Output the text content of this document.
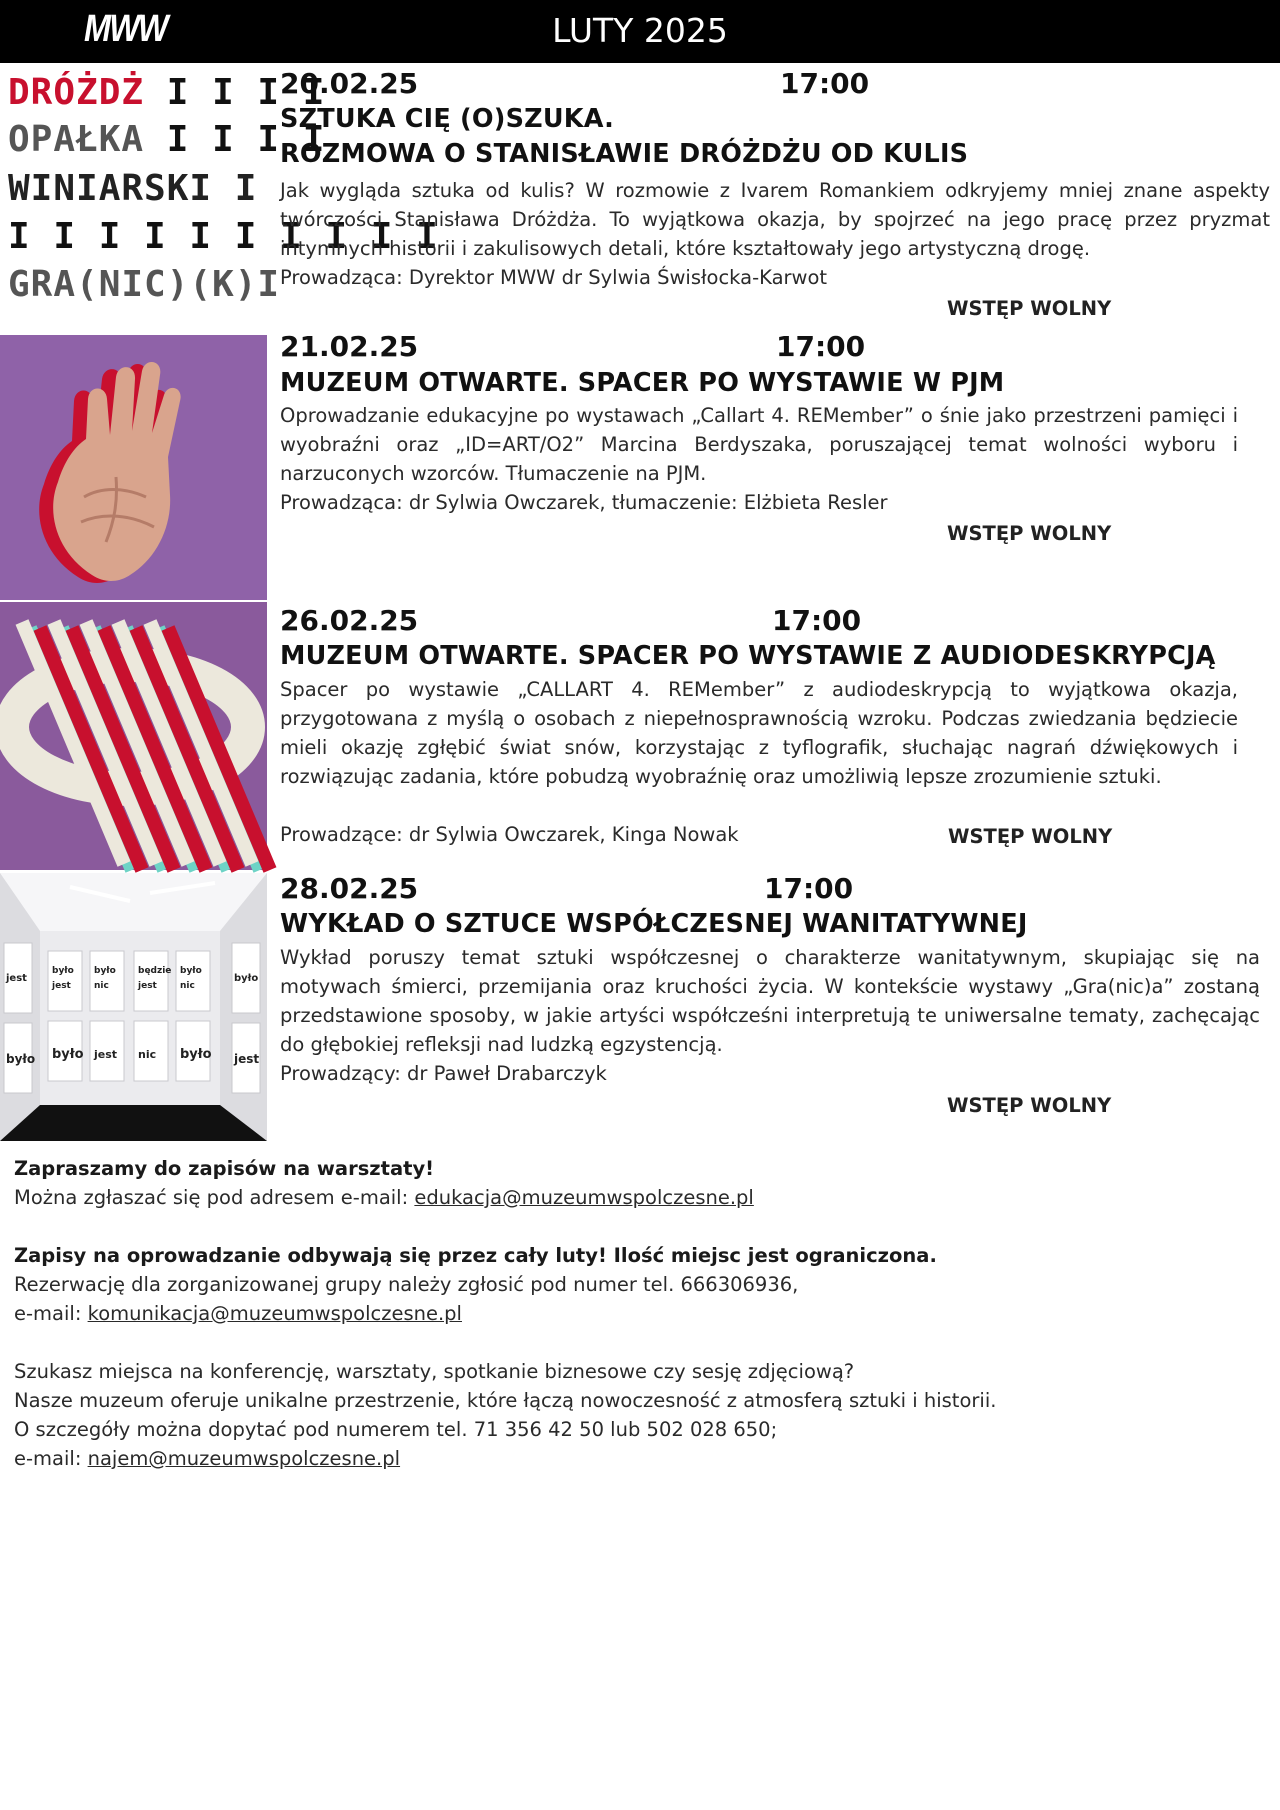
MWW	LUTY 2025
DRÓŻDŻ I I I I
OPAŁKA I I I I
WINIARSKI I
I I I I I I I I I I
GRA(NIC)(K)I
20.02.25	17:00
SZTUKA CIĘ (O)SZUKA.
ROZMOWA O STANISŁAWIE DRÓŻDŻU OD KULIS
Jak wygląda sztuka od kulis? W rozmowie z Ivarem Romankiem odkryjemy mniej znane aspekty twórczości Stanisława Dróżdża. To wyjątkowa okazja, by spojrzeć na jego pracę przez pryzmat intymnych historii i zakulisowych detali, które kształtowały jego artystyczną drogę.
Prowadząca: Dyrektor MWW dr Sylwia Świsłocka-Karwot
WSTĘP WOLNY
21.02.25	17:00
MUZEUM OTWARTE. SPACER PO WYSTAWIE W PJM
Oprowadzanie edukacyjne po wystawach „Callart 4. REMember” o śnie jako przestrzeni pamięci i wyobraźni oraz „ID=ART/O2” Marcina Berdyszaka, poruszającej temat wolności wyboru i narzuconych wzorców. Tłumaczenie na PJM.
Prowadząca: dr Sylwia Owczarek, tłumaczenie: Elżbieta Resler
WSTĘP WOLNY
26.02.25	17:00
MUZEUM OTWARTE. SPACER PO WYSTAWIE Z AUDIODESKRYPCJĄ
Spacer po wystawie „CALLART 4. REMember” z audiodeskrypcją to wyjątkowa okazja, przygotowana z myślą o osobach z niepełnosprawnością wzroku. Podczas zwiedzania będziecie mieli okazję zgłębić świat snów, korzystając z tyflografik, słuchając nagrań dźwiękowych i rozwiązując zadania, które pobudzą wyobraźnię oraz umożliwią lepsze zrozumienie sztuki.
Prowadzące: dr Sylwia Owczarek, Kinga Nowak	WSTĘP WOLNY
było
jest
było
nic
będzie
jest
było
nic
było jest nic było
jest
było
było
jest
28.02.25	17:00
WYKŁAD O SZTUCE WSPÓŁCZESNEJ WANITATYWNEJ
Wykład poruszy temat sztuki współczesnej o charakterze wanitatywnym, skupiając się na motywach śmierci, przemijania oraz kruchości życia. W kontekście wystawy „Gra(nic)a” zostaną przedstawione sposoby, w jakie artyści współcześni interpretują te uniwersalne tematy, zachęcając do głębokiej refleksji nad ludzką egzystencją.
Prowadzący: dr Paweł Drabarczyk
WSTĘP WOLNY

Zapraszamy do zapisów na warsztaty!

Można zgłaszać się pod adresem e-mail: edukacja@muzeumwspolczesne.pl

Zapisy na oprowadzanie odbywają się przez cały luty! Ilość miejsc jest ograniczona.

Rezerwację dla zorganizowanej grupy należy zgłosić pod numer tel. 666306936,

e-mail: komunikacja@muzeumwspolczesne.pl

Szukasz miejsca na konferencję, warsztaty, spotkanie biznesowe czy sesję zdjęciową?

Nasze muzeum oferuje unikalne przestrzenie, które łączą nowoczesność z atmosferą sztuki i historii.

O szczegóły można dopytać pod numerem tel. 71 356 42 50 lub 502 028 650;

e-mail: najem@muzeumwspolczesne.pl
